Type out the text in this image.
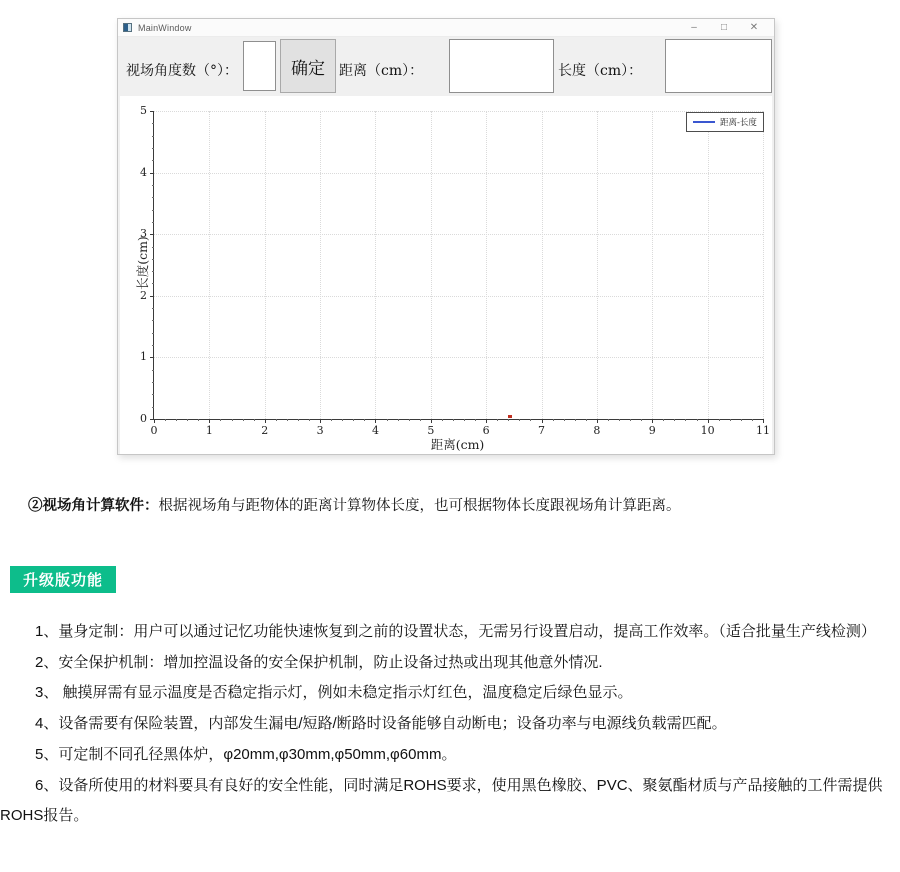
MainWindow	–	□	✕
视场角度数（°）：	确定	距离（cm）：	长度（cm）：
0	1	2	3	4	5	6	7	8	9	10	11
0
1
2
3
4
5
距离(cm)
长度(cm)
距离-长度
②视场角计算软件：根据视场角与距物体的距离计算物体长度，也可根据物体长度跟视场角计算距离。
升级版功能

1、量身定制：用户可以通过记忆功能快速恢复到之前的设置状态，无需另行设置启动，提高工作效率。（适合批量生产线检测）

2、安全保护机制：增加控温设备的安全保护机制，防止设备过热或出现其他意外情况.

3、 触摸屏需有显示温度是否稳定指示灯，例如未稳定指示灯红色，温度稳定后绿色显示。

4、设备需要有保险装置，内部发生漏电/短路/断路时设备能够自动断电；设备功率与电源线负载需匹配。

5、可定制不同孔径黑体炉，φ20mm,φ30mm,φ50mm,φ60mm。

6、设备所使用的材料要具有良好的安全性能，同时满足ROHS要求，使用黑色橡胶、PVC、聚氨酯材质与产品接触的工件需提供ROHS报告。
